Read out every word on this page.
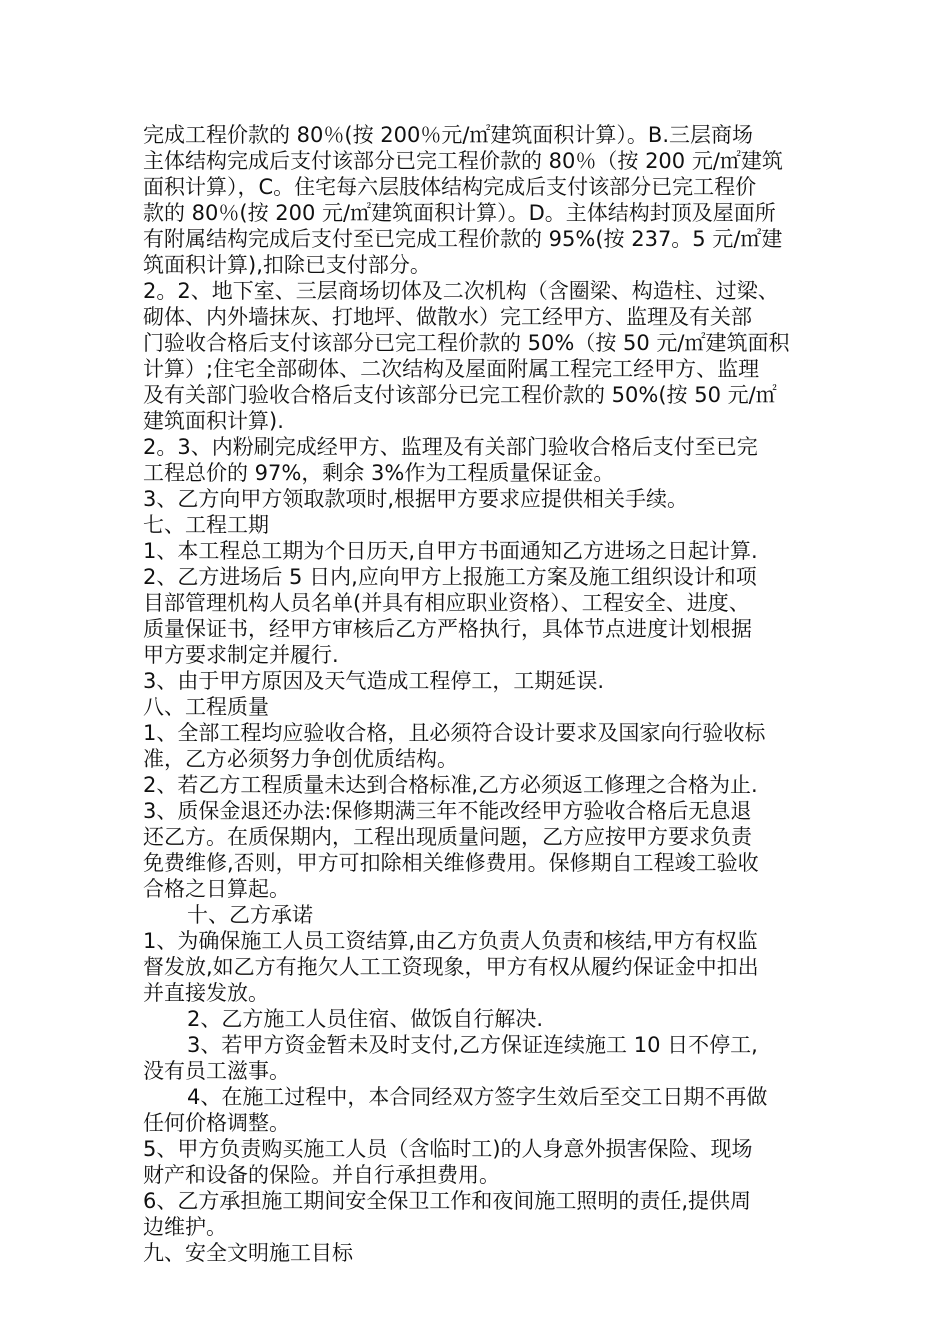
完成工程价款的 80％(按 200％元/㎡建筑面积计算）。B.三层商场
主体结构完成后支付该部分已完工程价款的 80％（按 200 元/㎡建筑
面积计算），C。住宅每六层肢体结构完成后支付该部分已完工程价
款的 80％(按 200 元/㎡建筑面积计算）。D。主体结构封顶及屋面所
有附属结构完成后支付至已完成工程价款的 95%(按 237。5 元/㎡建
筑面积计算),扣除已支付部分。
2。2、地下室、三层商场切体及二次机构（含圈梁、构造柱、过梁、
砌体、内外墙抹灰、打地坪、做散水）完工经甲方、监理及有关部
门验收合格后支付该部分已完工程价款的 50%（按 50 元/㎡建筑面积
计算）;住宅全部砌体、二次结构及屋面附属工程完工经甲方、监理
及有关部门验收合格后支付该部分已完工程价款的 50%(按 50 元/㎡
建筑面积计算).
2。3、内粉刷完成经甲方、监理及有关部门验收合格后支付至已完
工程总价的 97%，剩余 3%作为工程质量保证金。
3、乙方向甲方领取款项时,根据甲方要求应提供相关手续。
七、工程工期
1、本工程总工期为个日历天,自甲方书面通知乙方进场之日起计算.
2、乙方进场后 5 日内,应向甲方上报施工方案及施工组织设计和项
目部管理机构人员名单(并具有相应职业资格）、工程安全、进度、
质量保证书，经甲方审核后乙方严格执行，具体节点进度计划根据
甲方要求制定并履行.
3、由于甲方原因及天气造成工程停工，工期延误.
八、工程质量
1、全部工程均应验收合格，且必须符合设计要求及国家向行验收标
准，乙方必须努力争创优质结构。
2、若乙方工程质量未达到合格标准,乙方必须返工修理之合格为止.
3、质保金退还办法:保修期满三年不能改经甲方验收合格后无息退
还乙方。在质保期内，工程出现质量问题，乙方应按甲方要求负责
免费维修,否则，甲方可扣除相关维修费用。保修期自工程竣工验收
合格之日算起。
十、乙方承诺
1、为确保施工人员工资结算,由乙方负责人负责和核结,甲方有权监
督发放,如乙方有拖欠人工工资现象，甲方有权从履约保证金中扣出
并直接发放。
2、乙方施工人员住宿、做饭自行解决.
3、若甲方资金暂未及时支付,乙方保证连续施工 10 日不停工,
没有员工滋事。
4、在施工过程中，本合同经双方签字生效后至交工日期不再做
任何价格调整。
5、甲方负责购买施工人员（含临时工)的人身意外损害保险、现场
财产和设备的保险。并自行承担费用。
6、乙方承担施工期间安全保卫工作和夜间施工照明的责任,提供周
边维护。
九、安全文明施工目标
